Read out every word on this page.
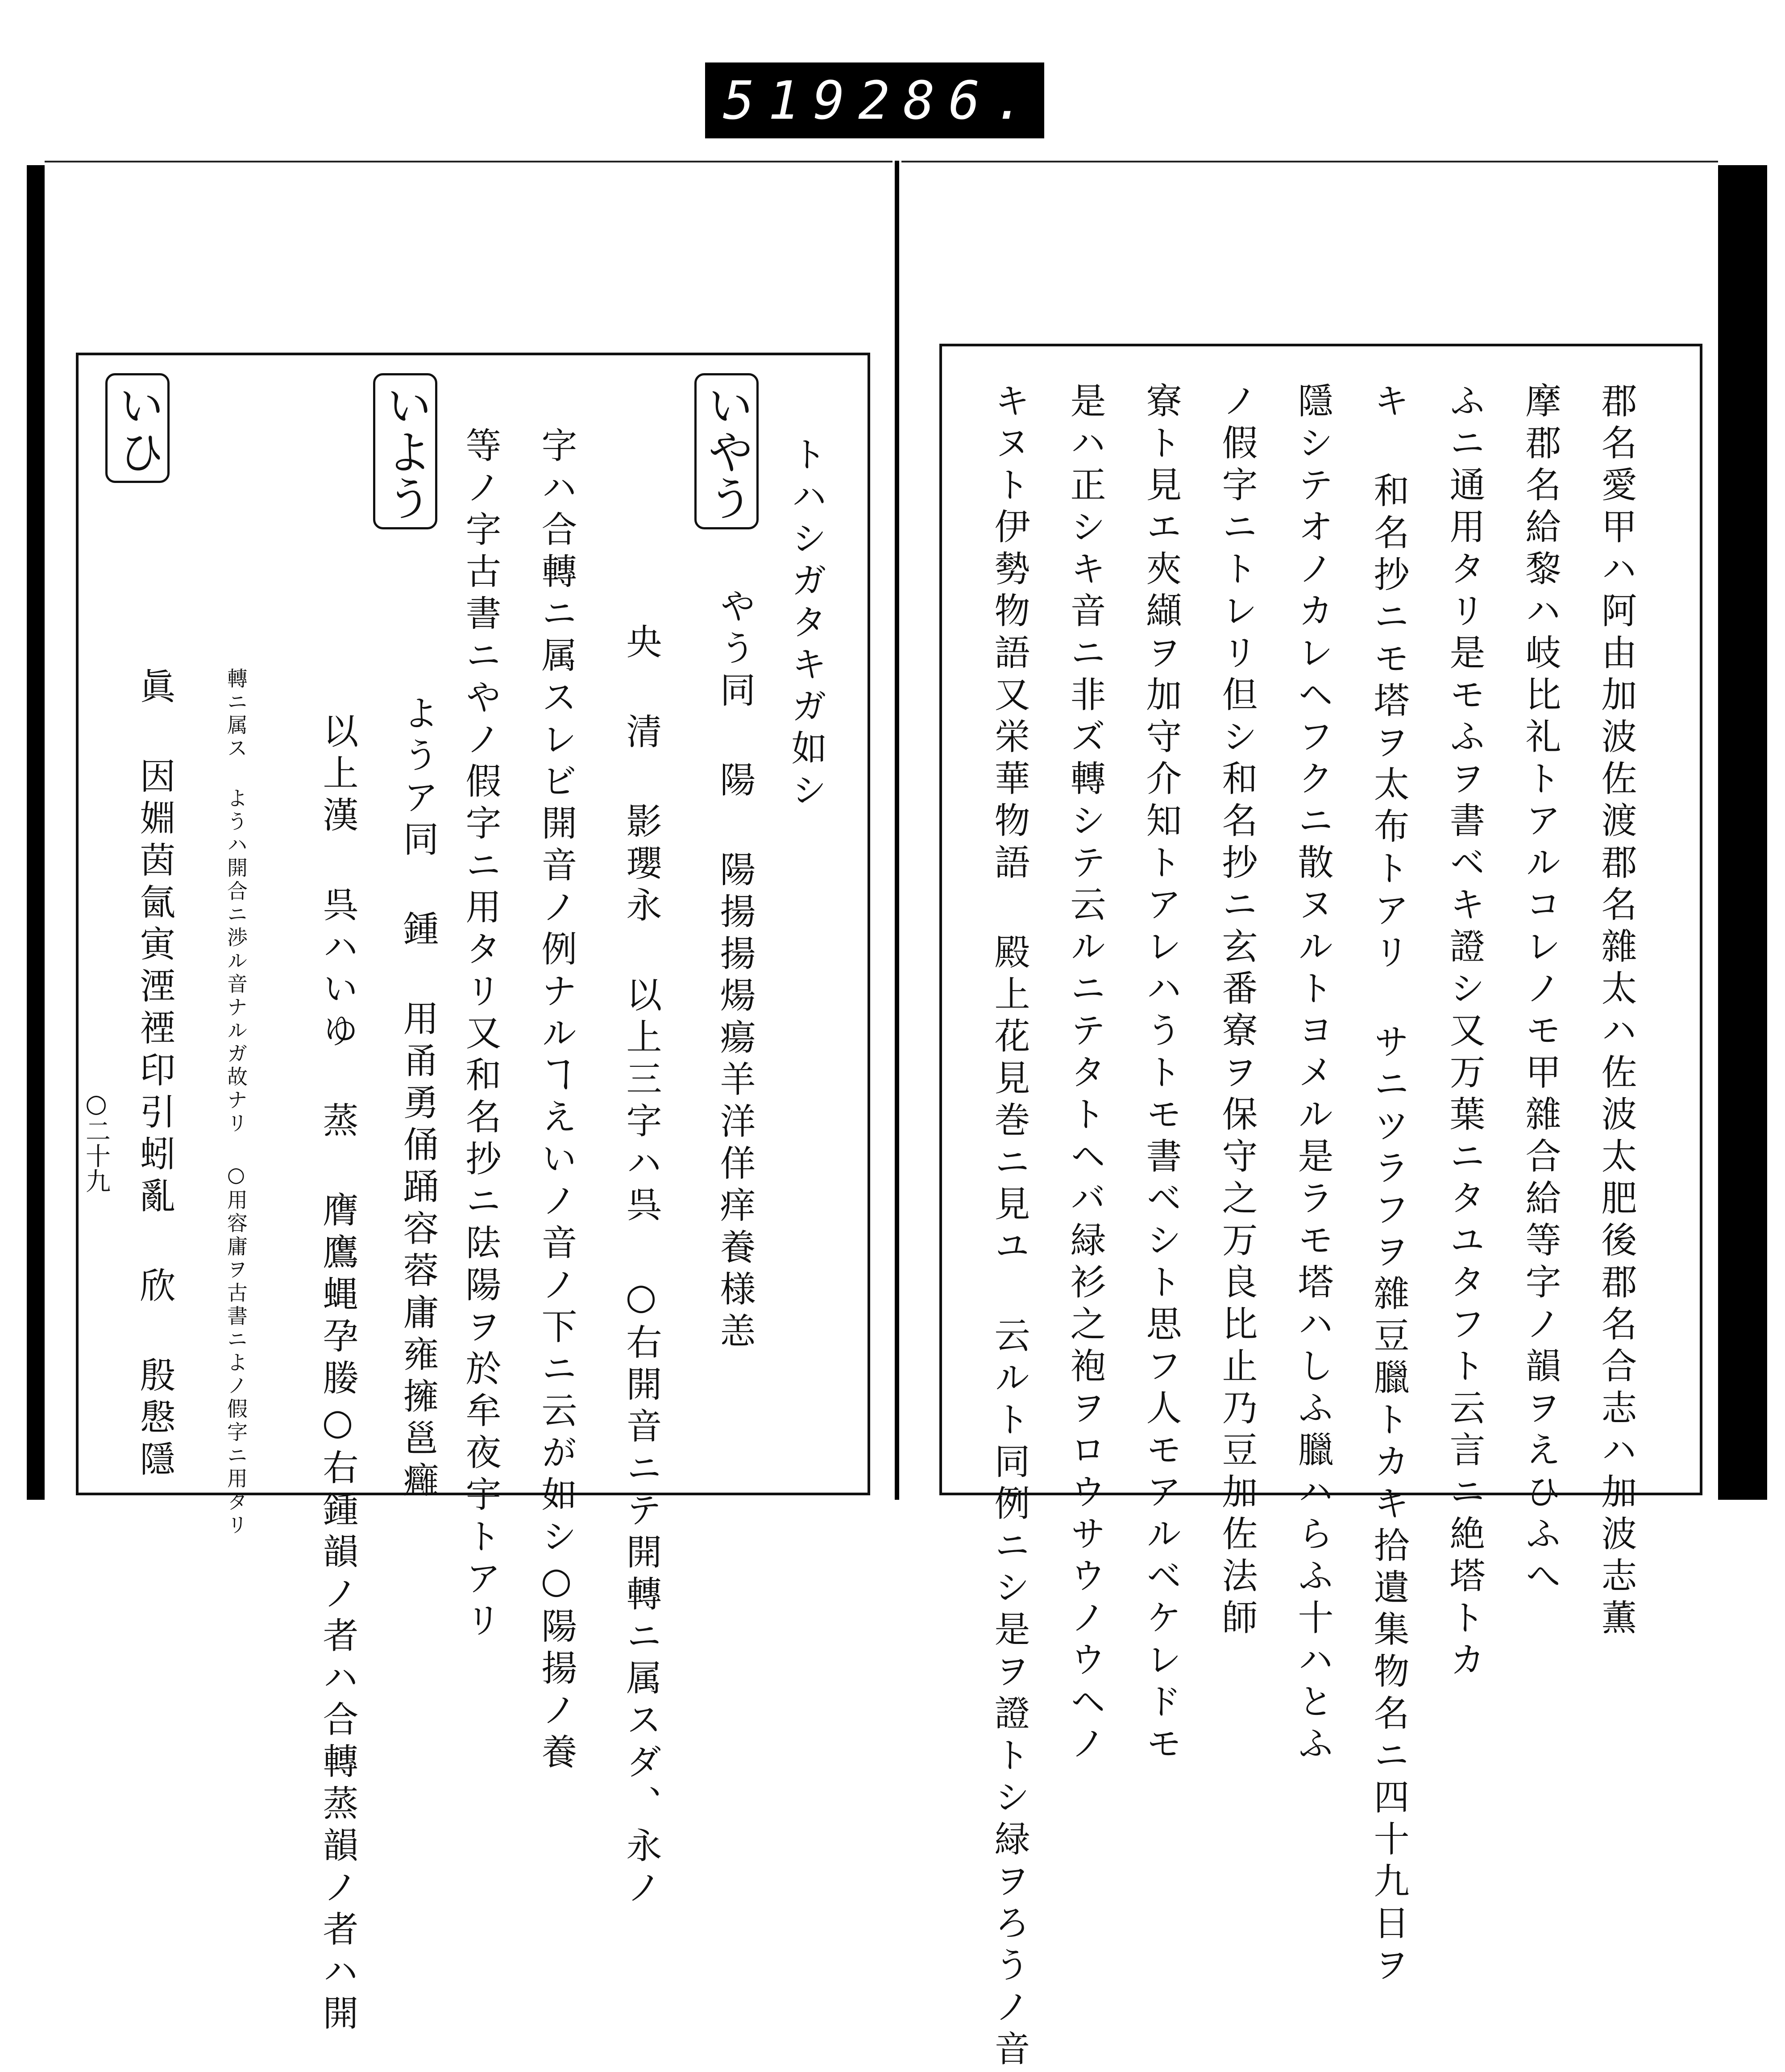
519 286.
トハシガタキガ如シ
いやう
やう同 陽 陽揚揚煬瘍羊洋佯痒養様恙
央 清 影瓔永 以上三字ハ呉 ○右開音ニテ開轉ニ属スダ、永ノ
字ハ合轉ニ属スレビ開音ノ例ナルヿえいノ音ノ下ニ云が如シ○陽揚ノ養
等ノ字古書ニやノ假字ニ用タリ又和名抄ニ阹陽ヲ於牟夜宇トアリ
いよう
ようア同 鍾 用甬勇俑踊容蓉庸雍擁邕癰
以上漢 呉ハいゆ 蒸 膺鷹蝿孕媵○右鍾韻ノ者ハ合轉蒸韻ノ者ハ開
轉ニ属ス ようハ開合ニ渉ル音ナルガ故ナリ ○用容庸ヲ古書ニよノ假字ニ用タリ
いひ
眞 因婣茵氤寅湮禋印引蚓亂 欣 殷慇隱
○二十九	郡名愛甲ハ阿由加波佐渡郡名雜太ハ佐波太肥後郡名合志ハ加波志薫
摩郡名給黎ハ岐比礼トアルコレノモ甲雜合給等字ノ韻ヲえひふへ
ふニ通用タリ是モふヲ書ベキ證シ又万葉ニタユタフト云言ニ絶塔トカ
キ 和名抄ニモ塔ヲ太布トアリ サニツラフヲ雜豆臘トカキ拾遺集物名ニ四十九日ヲ
隱シテオノカレヘフクニ散ヌルトヨメル是ラモ塔ハしふ臘ハらふ十ハとふ
ノ假字ニトレリ但シ和名抄ニ玄番寮ヲ保守之万良比止乃豆加佐法師
寮ト見エ夾纈ヲ加守介知トアレハうトモ書ベシト思フ人モアルベケレドモ
是ハ正シキ音ニ非ズ轉シテ云ルニテタトヘバ緑衫之袍ヲロウサウノウヘノ
キヌト伊勢物語又栄華物語 殿上花見巻ニ見ユ 云ルト同例ニシ是ヲ證トシ緑ヲろうノ音
